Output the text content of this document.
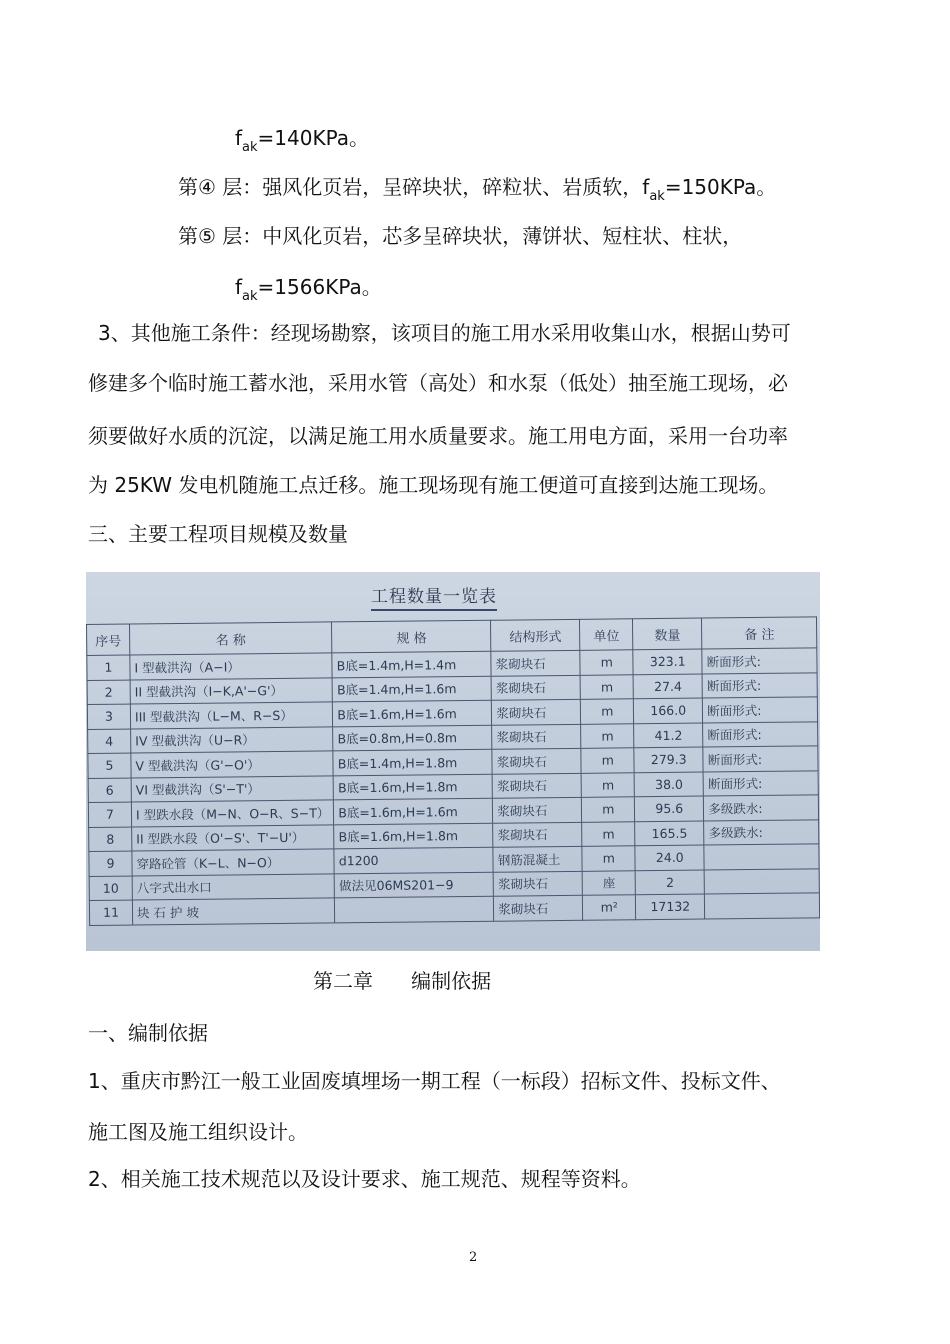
$f_{ak}=140KPa$。
第④ 层：强风化页岩，呈碎块状，碎粒状、岩质软，$f_{ak}=150KPa$。
第⑤ 层：中风化页岩，芯多呈碎块状，薄饼状、短柱状、柱状，
$f_{ak}=1566KPa$。
3、其他施工条件：经现场勘察，该项目的施工用水采用收集山水，根据山势可
修建多个临时施工蓄水池，采用水管（高处）和水泵（低处）抽至施工现场，必
须要做好水质的沉淀，以满足施工用水质量要求。施工用电方面，采用一台功率
为 25KW 发电机随施工点迁移。施工现场现有施工便道可直接到达施工现场。
三、主要工程项目规模及数量
工程数量一览表
序号	名 称	规 格	结构形式	单位	数量	备 注
1	I 型截洪沟（A−I）	B底=1.4m,H=1.4m	浆砌块石	m	323.1	断面形式:
2	II 型截洪沟（I−K,A'−G'）	B底=1.4m,H=1.6m	浆砌块石	m	27.4	断面形式:
3	III 型截洪沟（L−M、R−S）	B底=1.6m,H=1.6m	浆砌块石	m	166.0	断面形式:
4	IV 型截洪沟（U−R）	B底=0.8m,H=0.8m	浆砌块石	m	41.2	断面形式:
5	V 型截洪沟（G'−O'）	B底=1.4m,H=1.8m	浆砌块石	m	279.3	断面形式:
6	VI 型截洪沟（S'−T'）	B底=1.6m,H=1.8m	浆砌块石	m	38.0	断面形式:
7	I 型跌水段（M−N、O−R、S−T）	B底=1.6m,H=1.6m	浆砌块石	m	95.6	多级跌水:
8	II 型跌水段（O'−S'、T'−U'）	B底=1.6m,H=1.8m	浆砌块石	m	165.5	多级跌水:
9	穿路砼管（K−L、N−O）	d1200	钢筋混凝土	m	24.0	
10	八字式出水口	做法见06MS201−9	浆砌块石	座	2	
11	块 石 护 坡		浆砌块石	m²	17132	
第二章      编制依据
一、编制依据
1、重庆市黔江一般工业固废填埋场一期工程（一标段）招标文件、投标文件、
施工图及施工组织设计。
2、相关施工技术规范以及设计要求、施工规范、规程等资料。
2
